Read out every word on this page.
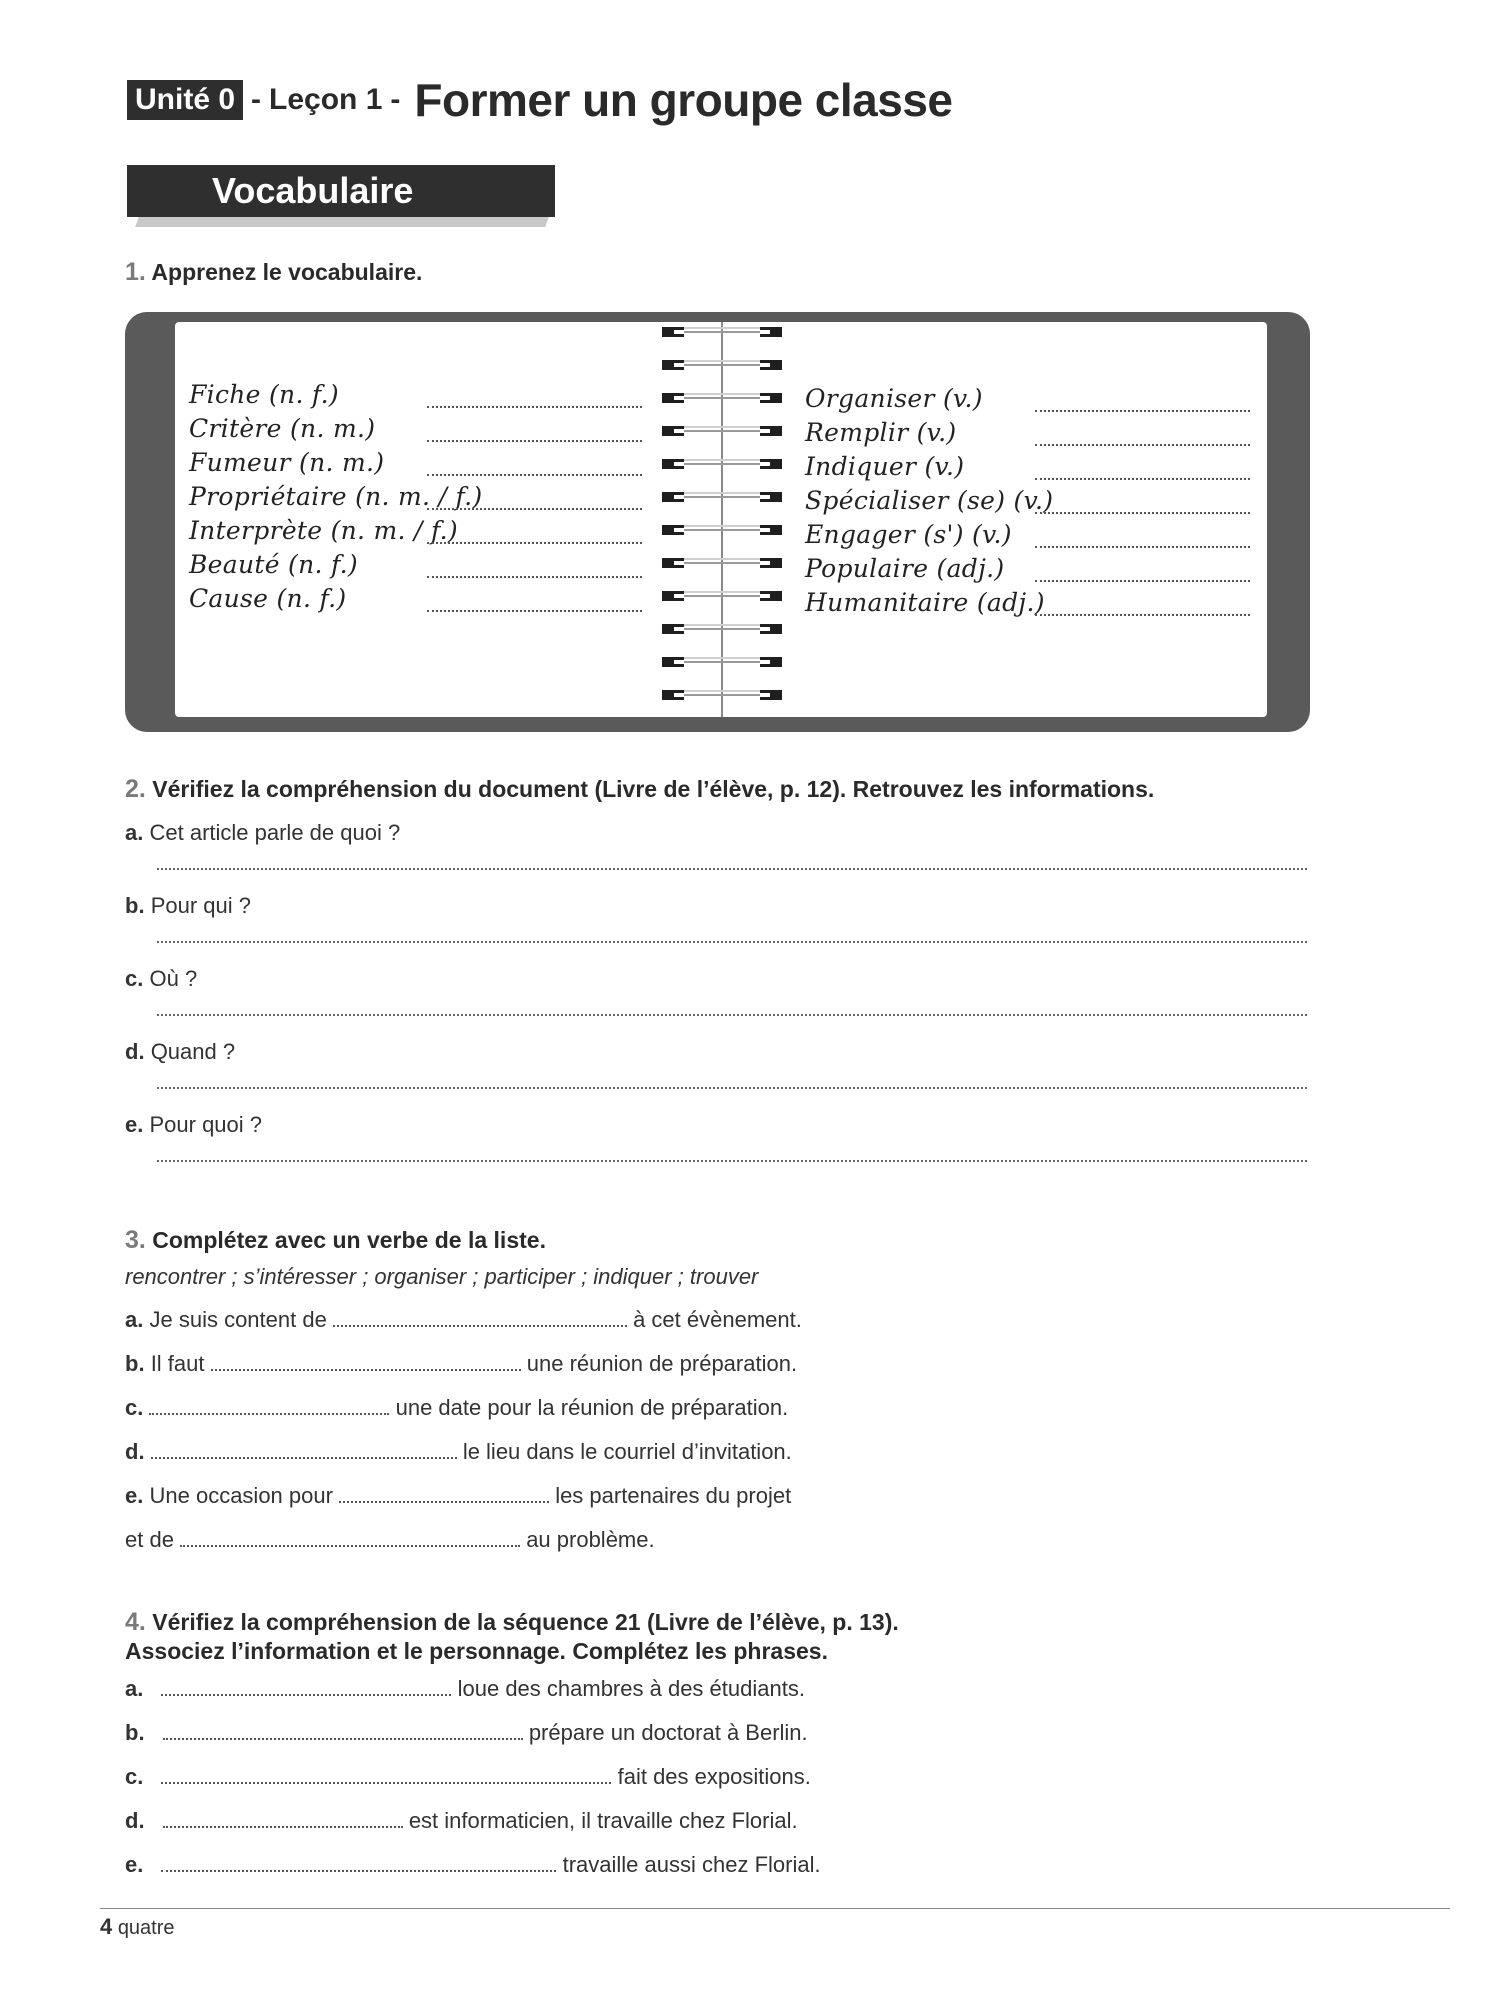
Unité 0 - Leçon 1 - Former un groupe classe
Vocabulaire
1. Apprenez le vocabulaire.
Fiche (n. f.)
Critère (n. m.)
Fumeur (n. m.)
Propriétaire (n. m. / f.)
Interprète (n. m. / f.)
Beauté (n. f.)
Cause (n. f.)
Organiser (v.)
Remplir (v.)
Indiquer (v.)
Spécialiser (se) (v.)
Engager (s') (v.)
Populaire (adj.)
Humanitaire (adj.)
2. Vérifiez la compréhension du document (Livre de l’élève, p. 12). Retrouvez les informations.
a. Cet article parle de quoi ?
b. Pour qui ?
c. Où ?
d. Quand ?
e. Pour quoi ?
3. Complétez avec un verbe de la liste.
rencontrer ; s’intéresser ; organiser ; participer ; indiquer ; trouver
a. Je suis content de	à cet évènement.
b. Il faut	une réunion de préparation.
c.	une date pour la réunion de préparation.
d.	le lieu dans le courriel d’invitation.
e. Une occasion pour	les partenaires du projet
et de	au problème.
4. Vérifiez la compréhension de la séquence 21 (Livre de l’élève, p. 13).
Associez l’information et le personnage. Complétez les phrases.
a.	loue des chambres à des étudiants.
b.	prépare un doctorat à Berlin.
c.	fait des expositions.
d.	est informaticien, il travaille chez Florial.
e.	travaille aussi chez Florial.
4 quatre
